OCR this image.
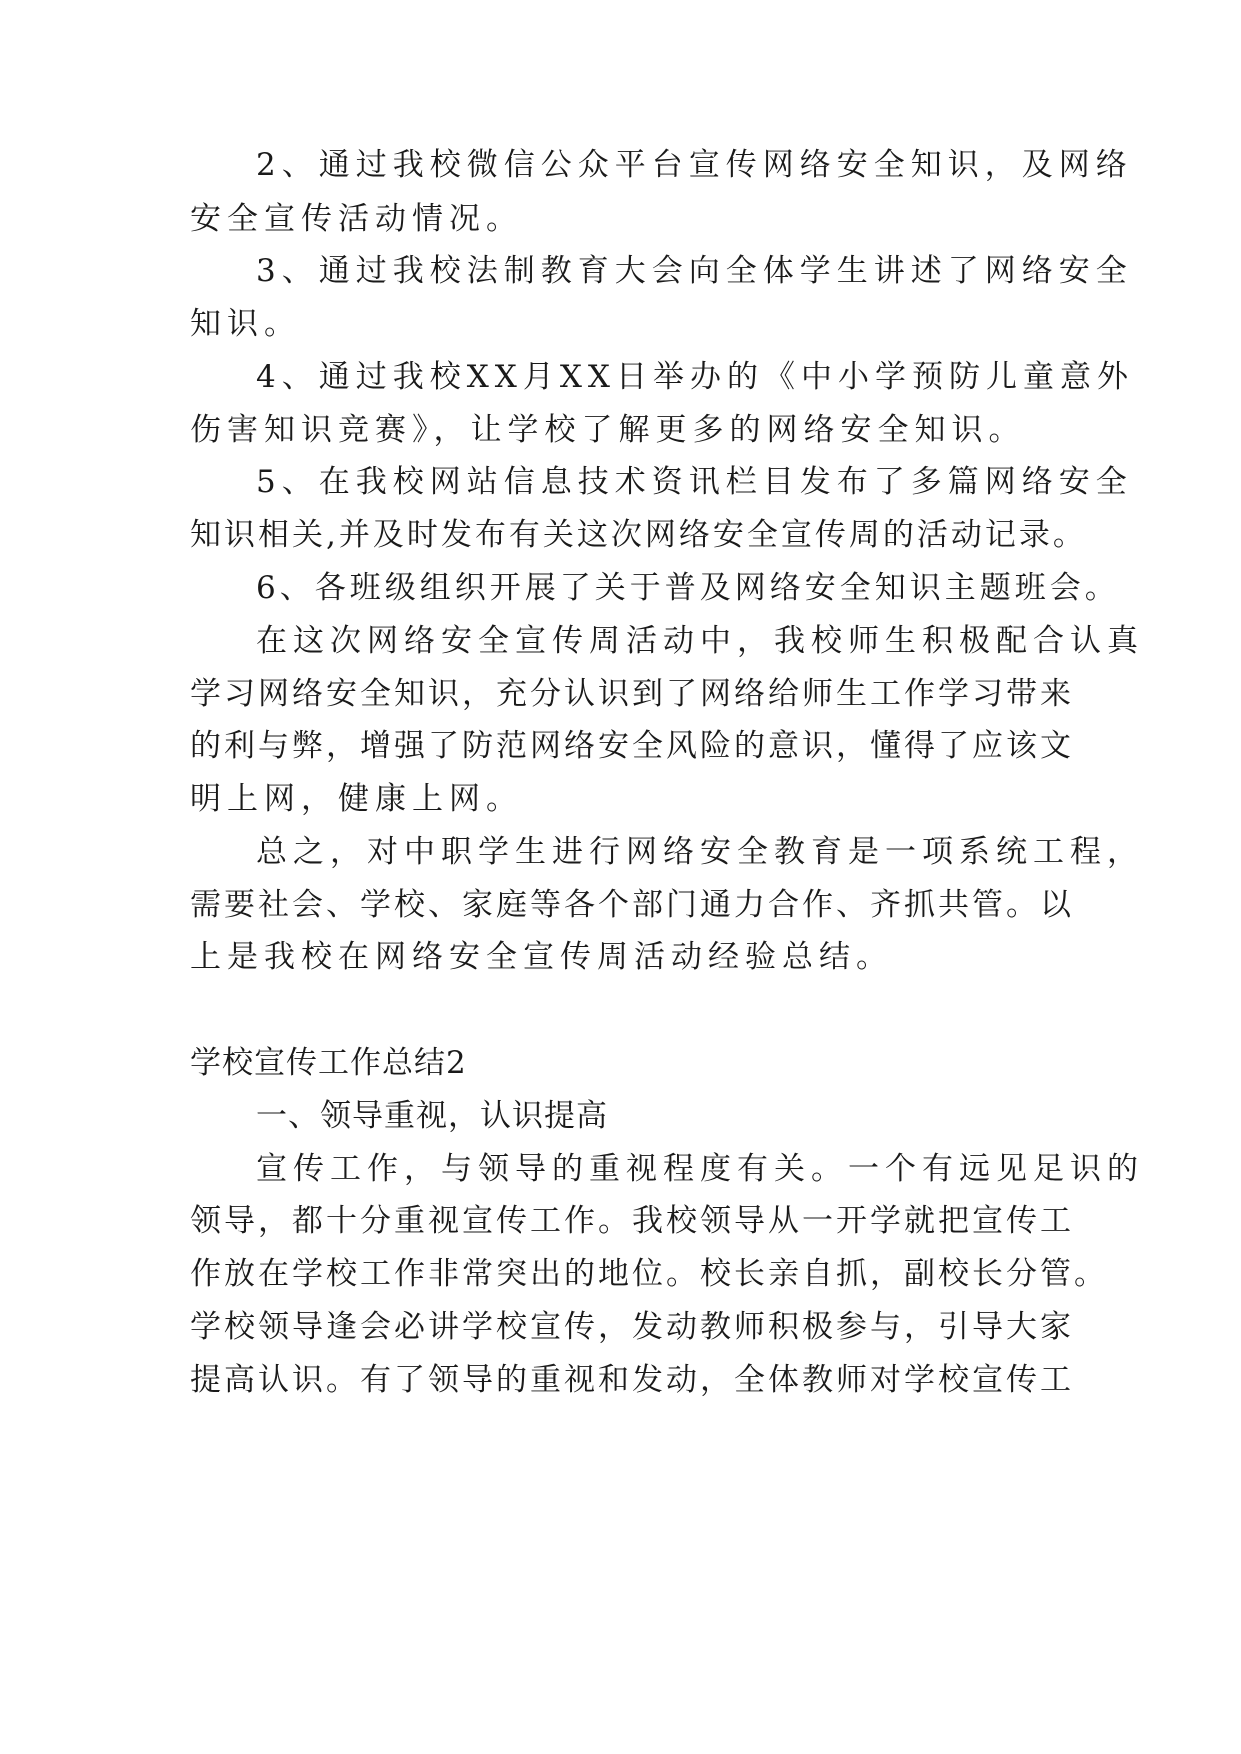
2、通过我校微信公众平台宣传网络安全知识，及网络
安全宣传活动情况。
3、通过我校法制教育大会向全体学生讲述了网络安全
知识。
4、通过我校XX月XX日举办的《中小学预防儿童意外
伤害知识竞赛》，让学校了解更多的网络安全知识。
5、在我校网站信息技术资讯栏目发布了多篇网络安全
知识相关,并及时发布有关这次网络安全宣传周的活动记录。
6、各班级组织开展了关于普及网络安全知识主题班会。
在这次网络安全宣传周活动中，我校师生积极配合认真
学习网络安全知识，充分认识到了网络给师生工作学习带来
的利与弊，增强了防范网络安全风险的意识，懂得了应该文
明上网，健康上网。
总之，对中职学生进行网络安全教育是一项系统工程，
需要社会、学校、家庭等各个部门通力合作、齐抓共管。以
上是我校在网络安全宣传周活动经验总结。
学校宣传工作总结2
一、领导重视，认识提高
宣传工作，与领导的重视程度有关。一个有远见足识的
领导，都十分重视宣传工作。我校领导从一开学就把宣传工
作放在学校工作非常突出的地位。校长亲自抓，副校长分管。
学校领导逢会必讲学校宣传，发动教师积极参与，引导大家
提高认识。有了领导的重视和发动，全体教师对学校宣传工
